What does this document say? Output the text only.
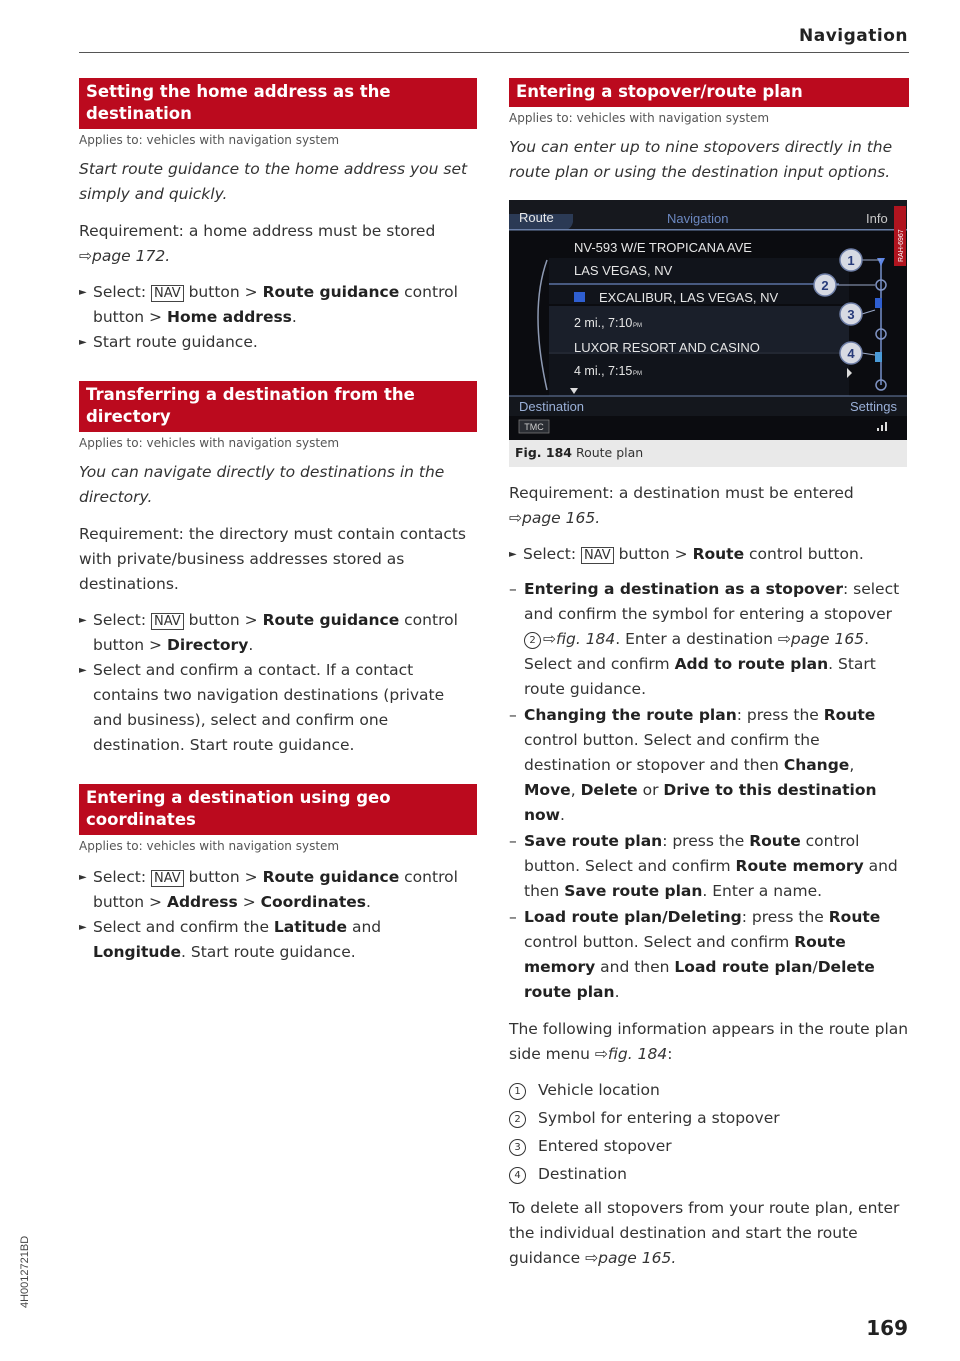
Navigation
Setting the home address as the destination

Applies to: vehicles with navigation system

Start route guidance to the home address you set simply and quickly.

Requirement: a home address must be stored ⇨page 172.

► Select: NAV button > Route guidance control button > Home address.
► Start route guidance.
Transferring a destination from the directory

Applies to: vehicles with navigation system

You can navigate directly to destinations in the directory.

Requirement: the directory must contain contacts with private/business addresses stored as destinations.

► Select: NAV button > Route guidance control button > Directory.
► Select and confirm a contact. If a contact contains two navigation destinations (private and business), select and confirm one destination. Start route guidance.
Entering a destination using geo coordinates

Applies to: vehicles with navigation system

► Select: NAV button > Route guidance control button > Address > Coordinates.
► Select and confirm the Latitude and Longitude. Start route guidance.
Entering a stopover/route plan

Applies to: vehicles with navigation system

You can enter up to nine stopovers directly in the route plan or using the destination input options.

Route	Navigation	Info
RAH-6967
NV-593 W/E TROPICANA AVE
LAS VEGAS, NV
EXCALIBUR, LAS VEGAS, NV
2 mi., 7:10 PM
LUXOR RESORT AND CASINO
4 mi., 7:15 PM
1
2
3
4
Destination	Settings
TMC
Fig. 184 Route plan

Requirement: a destination must be entered ⇨page 165.

► Select: NAV button > Route control button.
– Entering a destination as a stopover: select and confirm the symbol for entering a stopover 2 ⇨fig. 184. Enter a destination ⇨page 165. Select and confirm Add to route plan. Start route guidance.
– Changing the route plan: press the Route control button. Select and confirm the destination or stopover and then Change, Move, Delete or Drive to this destination now.
– Save route plan: press the Route control button. Select and confirm Route memory and then Save route plan. Enter a name.
– Load route plan/Deleting: press the Route control button. Select and confirm Route memory and then Load route plan/Delete route plan.

The following information appears in the route plan side menu ⇨fig. 184:

1 Vehicle location
2 Symbol for entering a stopover
3 Entered stopover
4 Destination

To delete all stopovers from your route plan, enter the individual destination and start the route guidance ⇨page 165.

4H0012721BD
169
